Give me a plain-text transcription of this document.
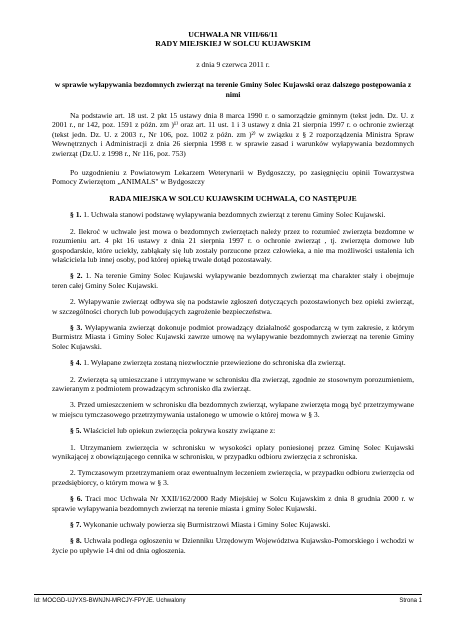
UCHWAŁA NR VIII/66/11
RADY MIEJSKIEJ W SOLCU KUJAWSKIM
z dnia 9 czerwca 2011 r.
w sprawie wyłapywania bezdomnych zwierząt na terenie Gminy Solec Kujawski oraz dalszego postępowania z nimi

Na podstawie art. 18 ust. 2 pkt 15 ustawy dnia 8 marca 1990 r. o samorządzie gminnym (tekst jedn. Dz. U. z 2001 r., nr 142, poz. 1591 z późn. zm )¹⁾ oraz art. 11 ust. 1 i 3 ustawy z dnia 21 sierpnia 1997 r. o ochronie zwierząt (tekst jedn. Dz. U. z 2003 r., Nr 106, poz. 1002 z późn. zm )²⁾ w związku z § 2 rozporządzenia Ministra Spraw Wewnętrznych i Administracji z dnia 26 sierpnia 1998 r. w sprawie zasad i warunków wyłapywania bezdomnych zwierząt (Dz.U. z 1998 r., Nr 116, poz. 753)

Po uzgodnieniu z Powiatowym Lekarzem Weterynarii w Bydgoszczy, po zasięgnięciu opinii Towarzystwa Pomocy Zwierzętom „ANIMALS" w Bydgoszczy

RADA MIEJSKA W SOLCU KUJAWSKIM UCHWALA, CO NASTĘPUJE

§ 1. 1. Uchwała stanowi podstawę wyłapywania bezdomnych zwierząt z terenu Gminy Solec Kujawski.

2. Ilekroć w uchwale jest mowa o bezdomnych zwierzętach należy przez to rozumieć zwierzęta bezdomne w rozumieniu art. 4 pkt 16 ustawy z dnia 21 sierpnia 1997 r. o ochronie zwierząt , tj. zwierzęta domowe lub gospodarskie, które uciekły, zabłąkały się lub zostały porzucone przez człowieka, a nie ma możliwości ustalenia ich właściciela lub innej osoby, pod której opieką trwale dotąd pozostawały.

§ 2. 1. Na terenie Gminy Solec Kujawski wyłapywanie bezdomnych zwierząt ma charakter stały i obejmuje teren całej Gminy Solec Kujawski.

2. Wyłapywanie zwierząt odbywa się na podstawie zgłoszeń dotyczących pozostawionych bez opieki zwierząt, w szczególności chorych lub powodujących zagrożenie bezpieczeństwa.

§ 3. Wyłapywania zwierząt dokonuje podmiot prowadzący działalność gospodarczą w tym zakresie, z którym Burmistrz Miasta i Gminy Solec Kujawski zawrze umowę na wyłapywanie bezdomnych zwierząt na terenie Gminy Solec Kujawski.

§ 4. 1. Wyłapane zwierzęta zostaną niezwłocznie przewiezione do schroniska dla zwierząt.

2. Zwierzęta są umieszczane i utrzymywane w schronisku dla zwierząt, zgodnie ze stosownym porozumieniem, zawieranym z podmiotem prowadzącym schronisko dla zwierząt.

3. Przed umieszczeniem w schronisku dla bezdomnych zwierząt, wyłapane zwierzęta mogą być przetrzymywane w miejscu tymczasowego przetrzymywania ustalonego w umowie o której mowa w § 3.

§ 5. Właściciel lub opiekun zwierzęcia pokrywa koszty związane z:

1. Utrzymaniem zwierzęcia w schronisku w wysokości opłaty poniesionej przez Gminę Solec Kujawski wynikającej z obowiązującego cennika w schronisku, w przypadku odbioru zwierzęcia z schroniska.

2. Tymczasowym przetrzymaniem oraz ewentualnym leczeniem zwierzęcia, w przypadku odbioru zwierzęcia od przedsiębiorcy, o którym mowa w § 3.

§ 6. Traci moc Uchwała Nr XXII/162/2000 Rady Miejskiej w Solcu Kujawskim z dnia 8 grudnia 2000 r. w sprawie wyłapywania bezdomnych zwierząt na terenie miasta i gminy Solec Kujawski.

§ 7. Wykonanie uchwały powierza się Burmistrzowi Miasta i Gminy Solec Kujawski.

§ 8. Uchwała podlega ogłoszeniu w Dzienniku Urzędowym Województwa Kujawsko-Pomorskiego i wchodzi w życie po upływie 14 dni od dnia ogłoszenia.

Id: MOCGD-UJYXS-BWNJN-MRCJY-FPYJE. Uchwalony	Strona 1
